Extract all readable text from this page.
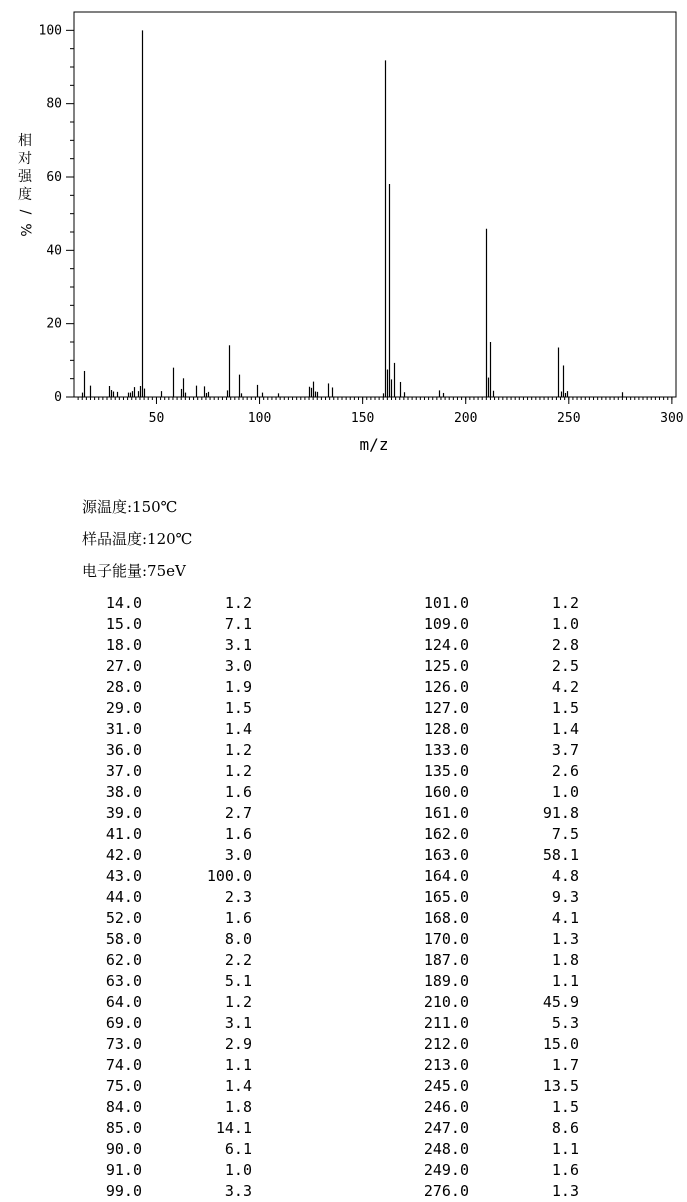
50	100	150	200	250	300
0
20
40
60
80
100
m/z
相
对
强
度
/
%
源温度:150℃
样品温度:120℃
电子能量:75eV
14.0	1.2
15.0	7.1
18.0	3.1
27.0	3.0
28.0	1.9
29.0	1.5
31.0	1.4
36.0	1.2
37.0	1.2
38.0	1.6
39.0	2.7
41.0	1.6
42.0	3.0
43.0	100.0
44.0	2.3
52.0	1.6
58.0	8.0
62.0	2.2
63.0	5.1
64.0	1.2
69.0	3.1
73.0	2.9
74.0	1.1
75.0	1.4
84.0	1.8
85.0	14.1
90.0	6.1
91.0	1.0
99.0	3.3
101.0	1.2
109.0	1.0
124.0	2.8
125.0	2.5
126.0	4.2
127.0	1.5
128.0	1.4
133.0	3.7
135.0	2.6
160.0	1.0
161.0	91.8
162.0	7.5
163.0	58.1
164.0	4.8
165.0	9.3
168.0	4.1
170.0	1.3
187.0	1.8
189.0	1.1
210.0	45.9
211.0	5.3
212.0	15.0
213.0	1.7
245.0	13.5
246.0	1.5
247.0	8.6
248.0	1.1
249.0	1.6
276.0	1.3
